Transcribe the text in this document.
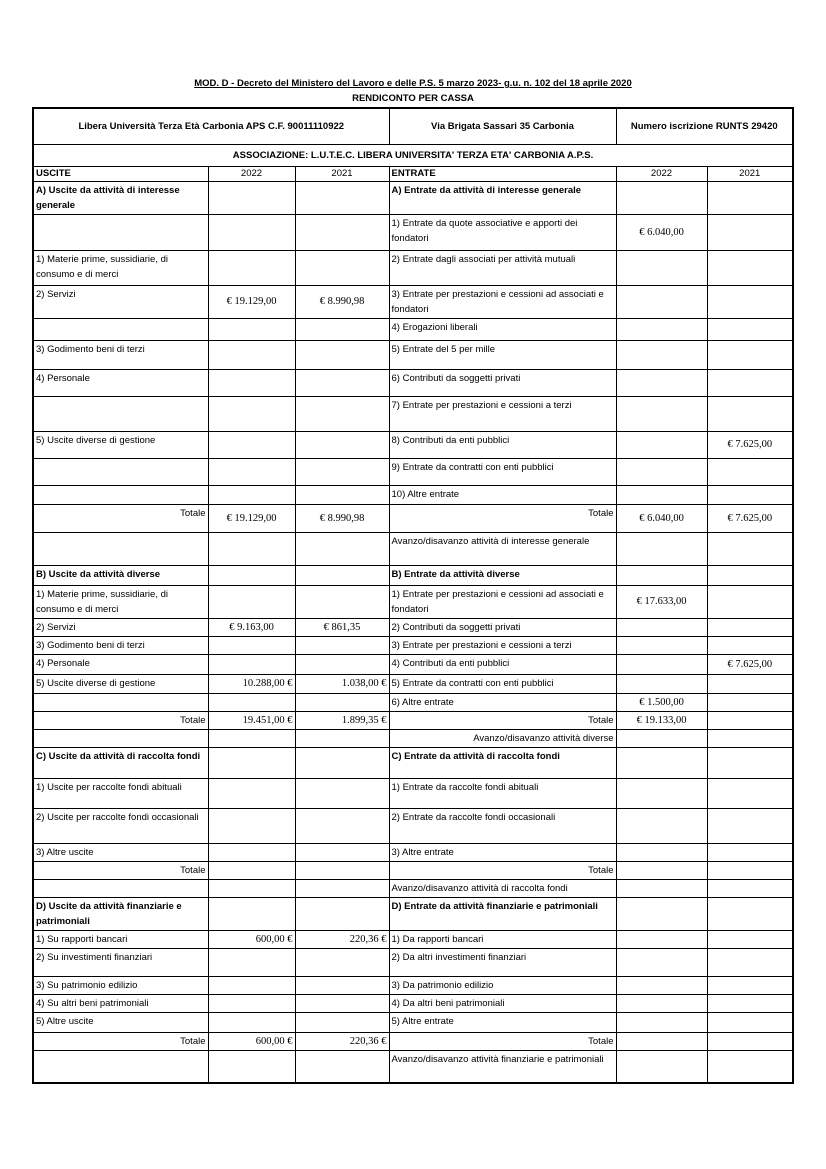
MOD. D - Decreto del Ministero del Lavoro e delle P.S. 5 marzo 2023- g.u. n. 102 del 18 aprile 2020
RENDICONTO PER CASSA
Libera Università Terza Età Carbonia APS C.F. 90011110922			Via Brigata Sassari 35 Carbonia	Numero iscrizione RUNTS 29420	
ASSOCIAZIONE: L.U.T.E.C. LIBERA UNIVERSITA' TERZA ETA' CARBONIA A.P.S.					
USCITE	2022	2021	ENTRATE	2022	2021
A) Uscite da attività di interesse generale			A) Entrate da attività di interesse generale		
			1) Entrate da quote associative e apporti dei fondatori	€ 6.040,00	
1) Materie prime, sussidiarie, di consumo e di merci			2) Entrate dagli associati per attività mutuali		
2) Servizi	€ 19.129,00	€ 8.990,98	3) Entrate per prestazioni e cessioni ad associati e fondatori		
			4) Erogazioni liberali		
3) Godimento beni di terzi			5) Entrate del 5 per mille		
4) Personale			6) Contributi da soggetti privati		
			7) Entrate per prestazioni e cessioni a terzi		
5) Uscite diverse di gestione			8) Contributi da enti pubblici		€ 7.625,00
			9) Entrate da contratti con enti pubblici		
			10) Altre entrate		
Totale	€ 19.129,00	€ 8.990,98	Totale	€ 6.040,00	€ 7.625,00
			Avanzo/disavanzo attività di interesse generale		
B) Uscite da attività diverse			B) Entrate da attività diverse		
1) Materie prime, sussidiarie, di consumo e di merci			1) Entrate per prestazioni e cessioni ad associati e fondatori	€ 17.633,00	
2) Servizi	€ 9.163,00	€ 861,35	2) Contributi da soggetti privati		
3) Godimento beni di terzi			3) Entrate per prestazioni e cessioni a terzi		
4) Personale			4) Contributi da enti pubblici		€ 7.625,00
5) Uscite diverse di gestione	10.288,00 €	1.038,00 €	5) Entrate da contratti con enti pubblici		
			6) Altre entrate	€ 1.500,00	
Totale	19.451,00 €	1.899,35 €	Totale	€ 19.133,00	
			Avanzo/disavanzo attività diverse		
C) Uscite da attività di raccolta fondi			C) Entrate da attività di raccolta fondi		
1) Uscite per raccolte fondi abituali			1) Entrate da raccolte fondi abituali		
2) Uscite per raccolte fondi occasionali			2) Entrate da raccolte fondi occasionali		
3) Altre uscite			3) Altre entrate		
Totale			Totale		
			Avanzo/disavanzo attività di raccolta fondi		
D) Uscite da attività finanziarie e patrimoniali			D) Entrate da attività finanziarie e patrimoniali		
1) Su rapporti bancari	600,00 €	220,36 €	1) Da rapporti bancari		
2) Su investimenti finanziari			2) Da altri investimenti finanziari		
3) Su patrimonio edilizio			3) Da patrimonio edilizio		
4) Su altri beni patrimoniali			4) Da altri beni patrimoniali		
5) Altre uscite			5) Altre entrate		
Totale	600,00 €	220,36 €	Totale		
			Avanzo/disavanzo attività finanziarie e patrimoniali		
